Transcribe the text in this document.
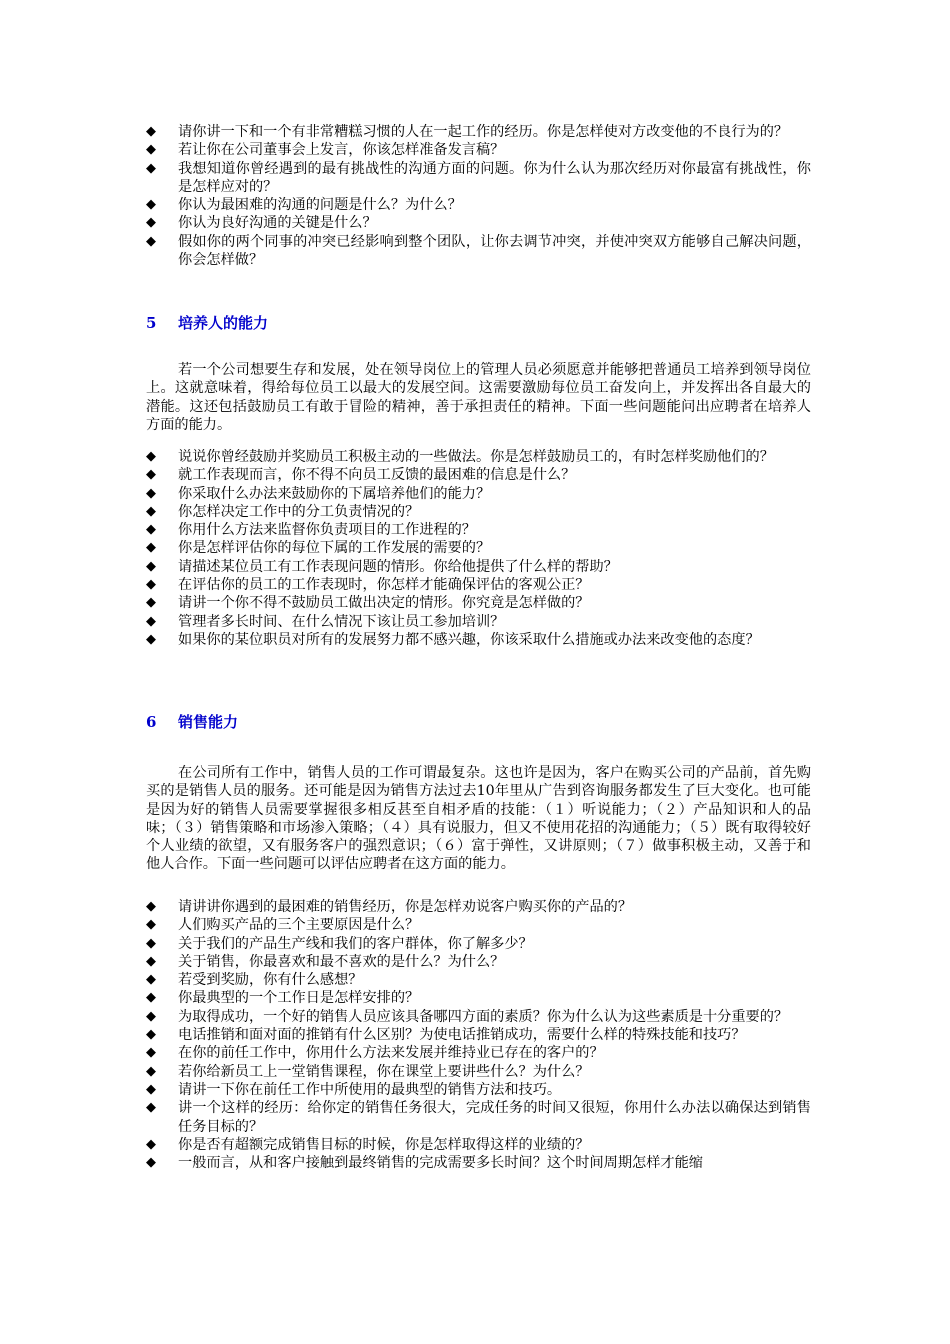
◆ 请你讲一下和一个有非常糟糕习惯的人在一起工作的经历。你是怎样使对方改变他的不良行为的？
◆ 若让你在公司董事会上发言，你该怎样准备发言稿？
◆ 我想知道你曾经遇到的最有挑战性的沟通方面的问题。你为什么认为那次经历对你最富有挑战性，你是怎样应对的？
◆ 你认为最困难的沟通的问题是什么？为什么？
◆ 你认为良好沟通的关键是什么？
◆ 假如你的两个同事的冲突已经影响到整个团队，让你去调节冲突，并使冲突双方能够自己解决问题，你会怎样做？
5 培养人的能力

若一个公司想要生存和发展，处在领导岗位上的管理人员必须愿意并能够把普通员工培养到领导岗位上。这就意味着，得给每位员工以最大的发展空间。这需要激励每位员工奋发向上，并发挥出各自最大的潜能。这还包括鼓励员工有敢于冒险的精神，善于承担责任的精神。下面一些问题能问出应聘者在培养人方面的能力。

◆ 说说你曾经鼓励并奖励员工积极主动的一些做法。你是怎样鼓励员工的，有时怎样奖励他们的？
◆ 就工作表现而言，你不得不向员工反馈的最困难的信息是什么？
◆ 你采取什么办法来鼓励你的下属培养他们的能力？
◆ 你怎样决定工作中的分工负责情况的？
◆ 你用什么方法来监督你负责项目的工作进程的？
◆ 你是怎样评估你的每位下属的工作发展的需要的？
◆ 请描述某位员工有工作表现问题的情形。你给他提供了什么样的帮助？
◆ 在评估你的员工的工作表现时，你怎样才能确保评估的客观公正？
◆ 请讲一个你不得不鼓励员工做出决定的情形。你究竟是怎样做的？
◆ 管理者多长时间、在什么情况下该让员工参加培训？
◆ 如果你的某位职员对所有的发展努力都不感兴趣，你该采取什么措施或办法来改变他的态度？
6 销售能力

在公司所有工作中，销售人员的工作可谓最复杂。这也许是因为，客户在购买公司的产品前，首先购买的是销售人员的服务。还可能是因为销售方法过去10年里从广告到咨询服务都发生了巨大变化。也可能是因为好的销售人员需要掌握很多相反甚至自相矛盾的技能：（１）听说能力；（２）产品知识和人的品味；（３）销售策略和市场渗入策略；（４）具有说服力，但又不使用花招的沟通能力；（５）既有取得较好个人业绩的欲望，又有服务客户的强烈意识；（６）富于弹性，又讲原则；（７）做事积极主动，又善于和他人合作。下面一些问题可以评估应聘者在这方面的能力。

◆ 请讲讲你遇到的最困难的销售经历，你是怎样劝说客户购买你的产品的？
◆ 人们购买产品的三个主要原因是什么？
◆ 关于我们的产品生产线和我们的客户群体，你了解多少？
◆ 关于销售，你最喜欢和最不喜欢的是什么？为什么？
◆ 若受到奖励，你有什么感想？
◆ 你最典型的一个工作日是怎样安排的？
◆ 为取得成功，一个好的销售人员应该具备哪四方面的素质？你为什么认为这些素质是十分重要的？
◆ 电话推销和面对面的推销有什么区别？为使电话推销成功，需要什么样的特殊技能和技巧？
◆ 在你的前任工作中，你用什么方法来发展并维持业已存在的客户的？
◆ 若你给新员工上一堂销售课程，你在课堂上要讲些什么？为什么？
◆ 请讲一下你在前任工作中所使用的最典型的销售方法和技巧。
◆ 讲一个这样的经历：给你定的销售任务很大，完成任务的时间又很短，你用什么办法以确保达到销售任务目标的？
◆ 你是否有超额完成销售目标的时候，你是怎样取得这样的业绩的？
◆ 一般而言，从和客户接触到最终销售的完成需要多长时间？这个时间周期怎样才能缩
